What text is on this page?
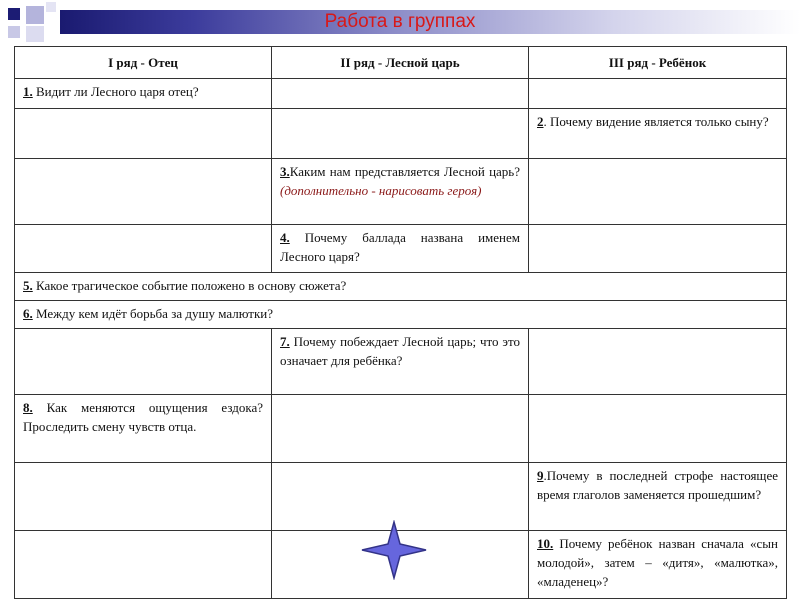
Работа в группах
I ряд - Отец	II ряд - Лесной царь	III ряд - Ребёнок
1. Видит ли Лесного царя отец?		
		2. Почему видение является только сыну?
	3.Каким нам представляется Лесной царь? (дополнительно - нарисовать героя)	
	4. Почему баллада названа именем Лесного царя?	
5. Какое трагическое событие положено в основу сюжета?		
6. Между кем идёт борьба за душу малютки?		
	7. Почему побеждает Лесной царь; что это означает для ребёнка?	
8. Как меняются ощущения ездока? Проследить смену чувств отца.		
		9.Почему в последней строфе настоящее время глаголов заменяется прошедшим?
		10. Почему ребёнок назван сначала «сын молодой», затем – «дитя», «малютка», «младенец»?
